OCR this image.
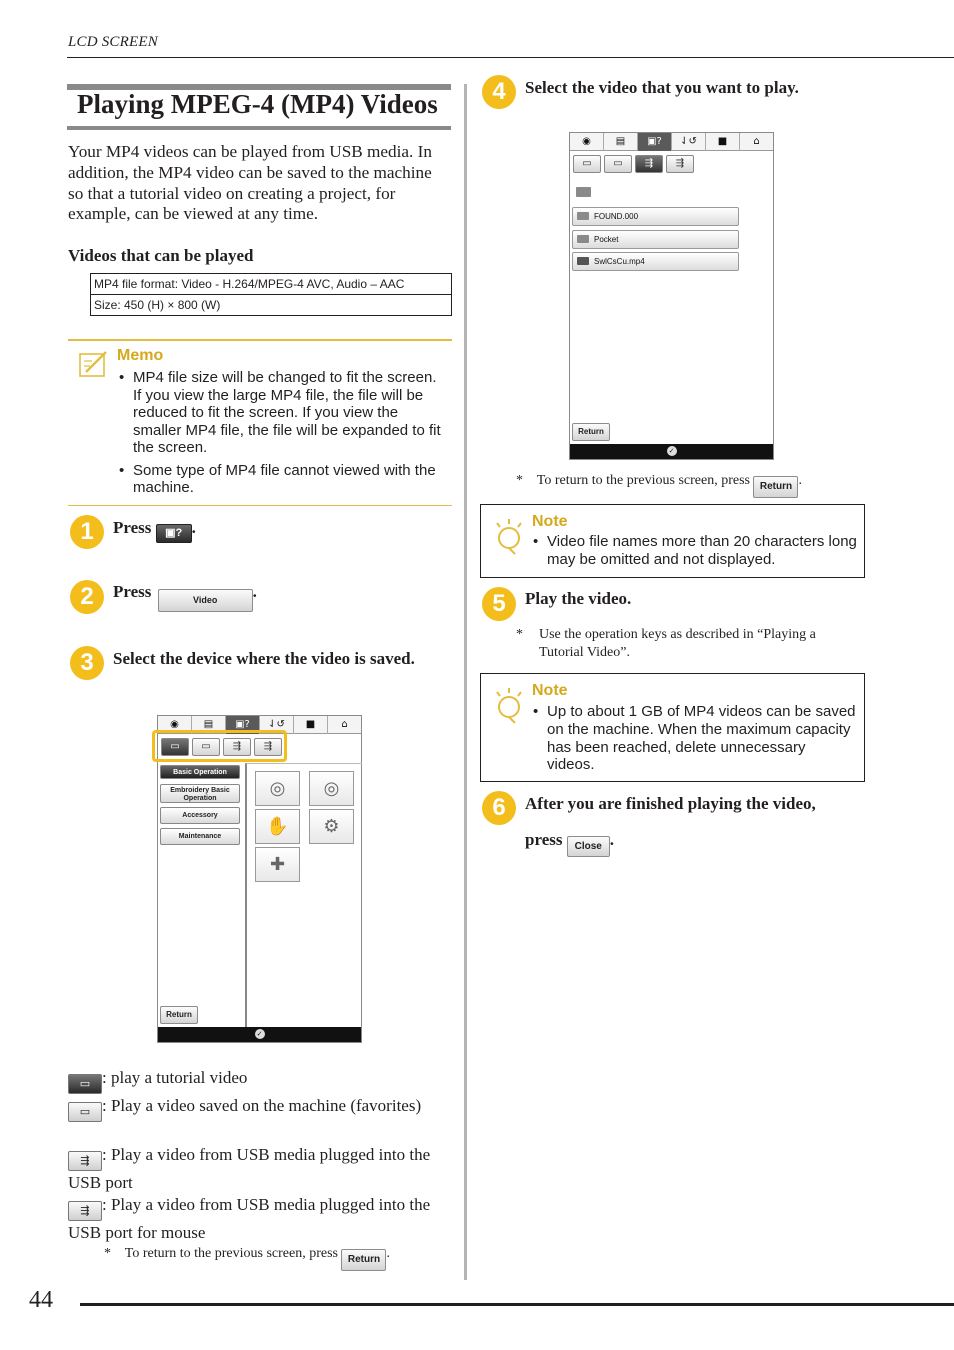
LCD SCREEN
Playing MPEG-4 (MP4) Videos

Your MP4 videos can be played from USB media. In addition, the MP4 video can be saved to the machine so that a tutorial video on creating a project, for example, can be viewed at any time.

Videos that can be played
MP4 file format: Video - H.264/MPEG-4 AVC, Audio – AAC
Size: 450 (H) × 800 (W)
Memo
• MP4 file size will be changed to fit the screen. If you view the large MP4 file, the file will be reduced to fit the screen. If you view the smaller MP4 file, the file will be expanded to fit the screen.
• Some type of MP4 file cannot viewed with the machine.
1	Press ▣? .
2	Press	Video .
3	Select the device where the video is saved.
◉	▤	▣?	⇃↺	■	⌂
▭	▭	⇶	⇶
◎	◎
✋	⚙
✚
Basic Operation
Embroidery Basic Operation
Accessory
Maintenance
Return
✓
▭ : play a tutorial video
▭ : Play a video saved on the machine (favorites)
⇶ : Play a video from USB media plugged into the USB port
⇶ : Play a video from USB media plugged into the USB port for mouse
* To return to the previous screen, press Return .
4	Select the video that you want to play.
◉	▤	▣?	⇃↺	■	⌂
▭	▭	⇶	⇶
FOUND.000
Pocket
SwlCsCu.mp4
Return
✓
* To return to the previous screen, press Return .
Note
• Video file names more than 20 characters long may be omitted and not displayed.
5	Play the video.
*	Use the operation keys as described in “Playing a Tutorial Video”.
Note
• Up to about 1 GB of MP4 videos can be saved on the machine. When the maximum capacity has been reached, delete unnecessary videos.
6	After you are finished playing the video,
press Close .
44
